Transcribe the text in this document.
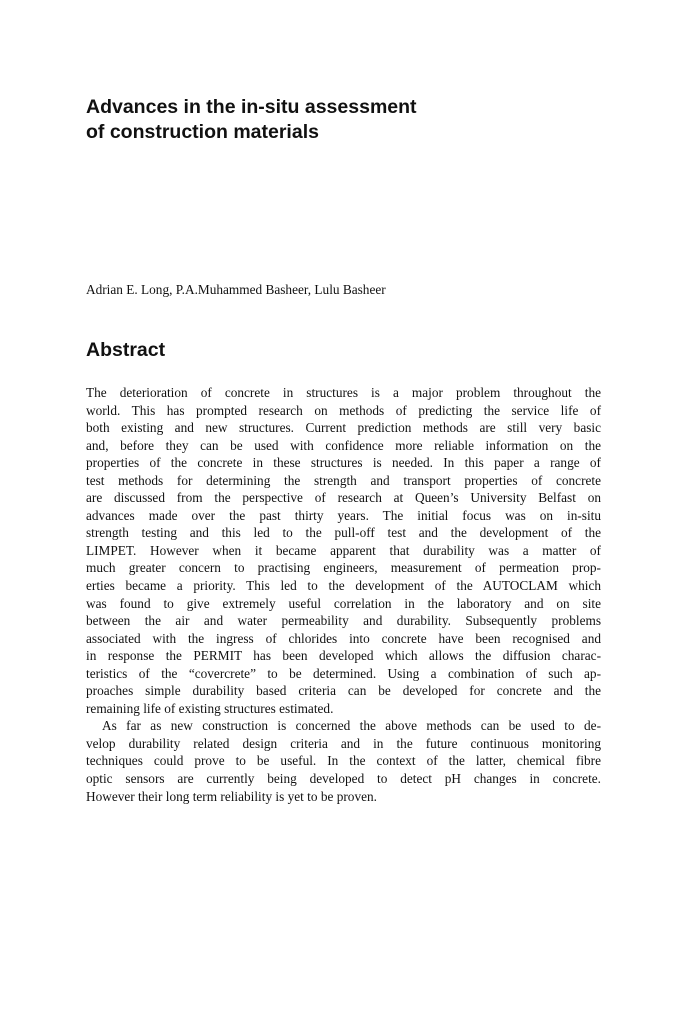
Advances in the in-situ assessment
of construction materials

Adrian E. Long, P.A.Muhammed Basheer, Lulu Basheer

Abstract
The deterioration of concrete in structures is a major problem throughout the
world. This has prompted research on methods of predicting the service life of
both existing and new structures. Current prediction methods are still very basic
and, before they can be used with confidence more reliable information on the
properties of the concrete in these structures is needed. In this paper a range of
test methods for determining the strength and transport properties of concrete
are discussed from the perspective of research at Queen’s University Belfast on
advances made over the past thirty years. The initial focus was on in-situ
strength testing and this led to the pull-off test and the development of the
LIMPET. However when it became apparent that durability was a matter of
much greater concern to practising engineers, measurement of permeation prop-
erties became a priority. This led to the development of the AUTOCLAM which
was found to give extremely useful correlation in the laboratory and on site
between the air and water permeability and durability. Subsequently problems
associated with the ingress of chlorides into concrete have been recognised and
in response the PERMIT has been developed which allows the diffusion charac-
teristics of the “covercrete” to be determined. Using a combination of such ap-
proaches simple durability based criteria can be developed for concrete and the
remaining life of existing structures estimated.
As far as new construction is concerned the above methods can be used to de-
velop durability related design criteria and in the future continuous monitoring
techniques could prove to be useful. In the context of the latter, chemical fibre
optic sensors are currently being developed to detect pH changes in concrete.
However their long term reliability is yet to be proven.
